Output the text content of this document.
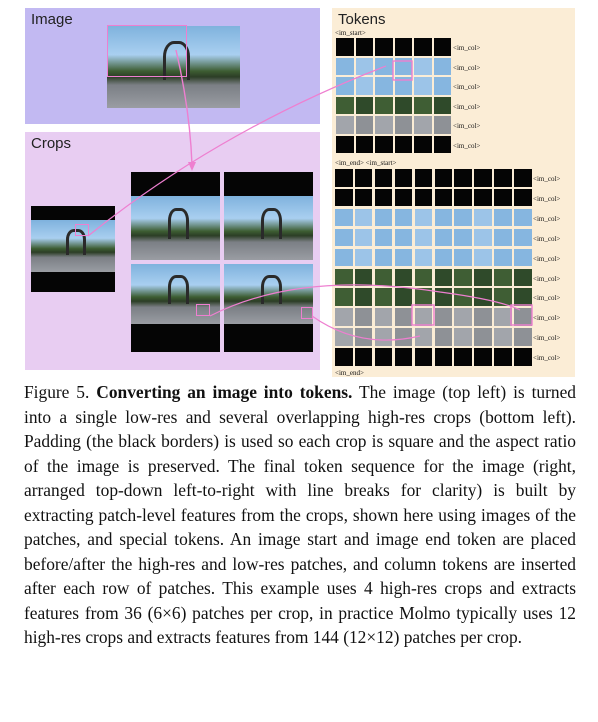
Image
Crops
Tokens
<im_col>
<im_col>
<im_col>
<im_col>
<im_col>
<im_col>
<im_col>
<im_col>
<im_col>
<im_col>
<im_col>
<im_col>
<im_col>
<im_col>
<im_col>
<im_col>
<im_start>
<im_end> <im_start>
<im_end>
Figure 5. Converting an image into tokens. The image (top left) is turned into a single low-res and several overlapping high-res crops (bottom left). Padding (the black borders) is used so each crop is square and the aspect ratio of the image is preserved. The final token sequence for the image (right, arranged top-down left-to-right with line breaks for clarity) is built by extracting patch-level features from the crops, shown here using images of the patches, and special tokens. An image start and image end token are placed before/after the high-res and low-res patches, and column tokens are inserted after each row of patches. This example uses 4 high-res crops and extracts features from 36 (6×6) patches per crop, in practice Molmo typically uses 12 high-res crops and extracts features from 144 (12×12) patches per crop.
